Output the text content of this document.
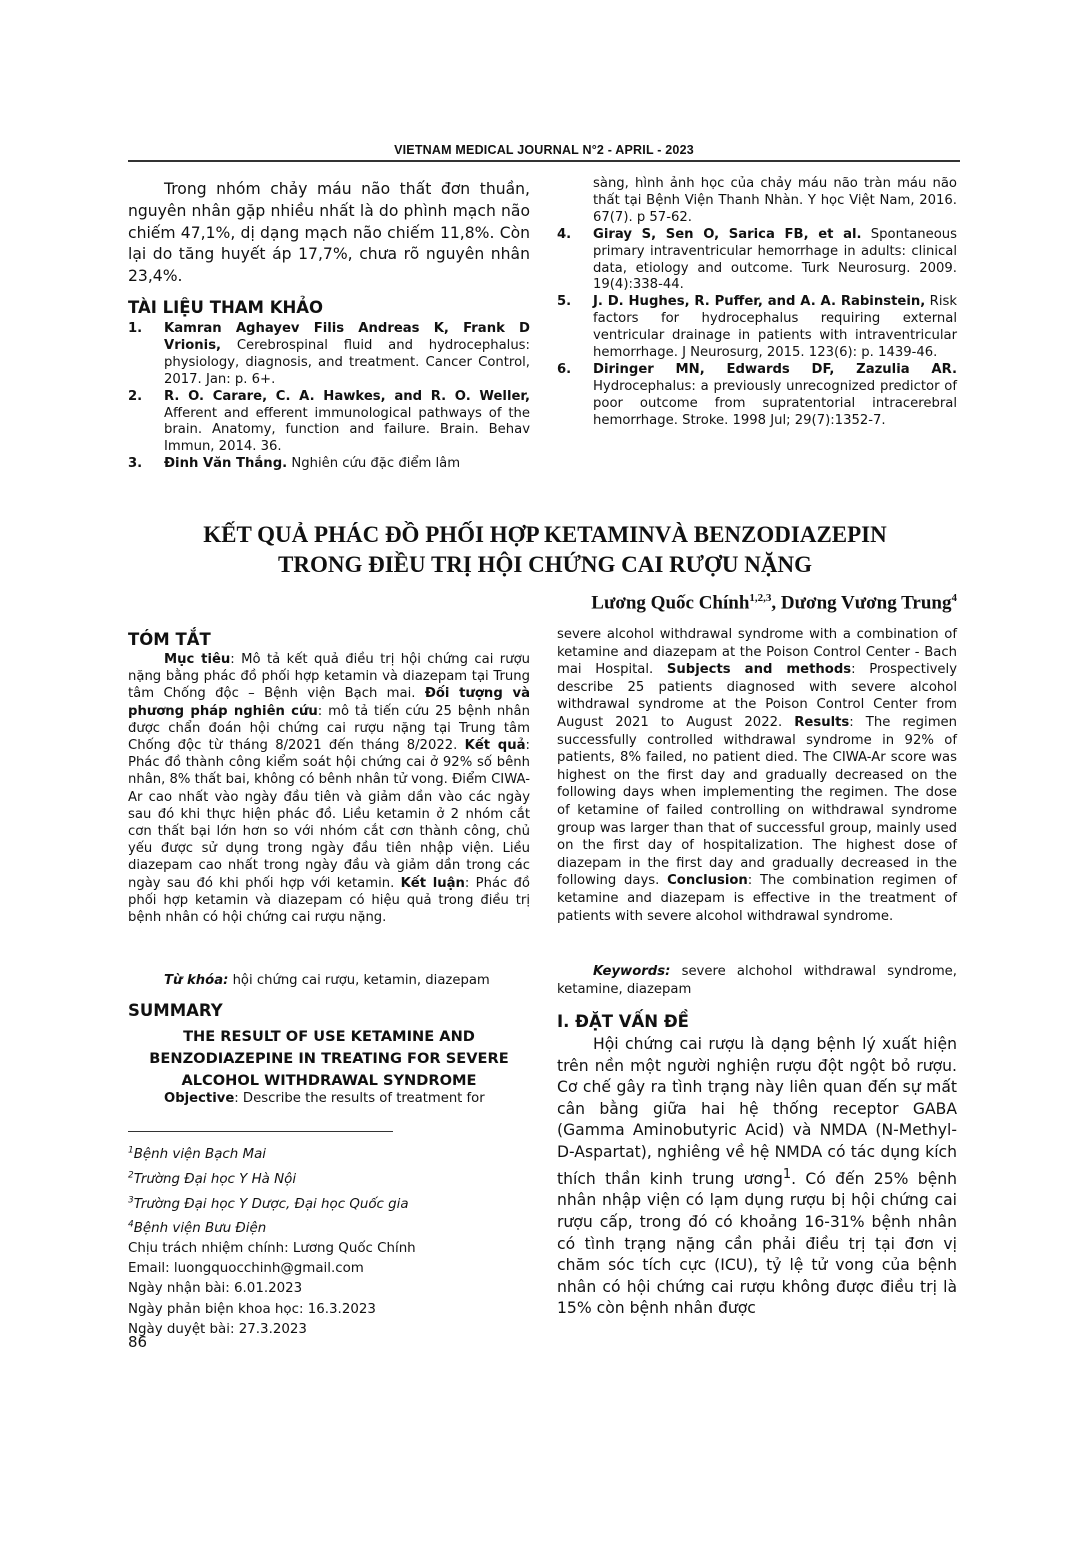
VIETNAM MEDICAL JOURNAL N°2 - APRIL - 2023
Trong nhóm chảy máu não thất đơn thuần, nguyên nhân gặp nhiều nhất là do phình mạch não chiếm 47,1%, dị dạng mạch não chiếm 11,8%. Còn lại do tăng huyết áp 17,7%, chưa rõ nguyên nhân 23,4%.
TÀI LIỆU THAM KHẢO
1.	Kamran Aghayev Filis Andreas K, Frank D Vrionis, Cerebrospinal fluid and hydrocephalus: physiology, diagnosis, and treatment. Cancer Control, 2017. Jan: p. 6+.
2.	R. O. Carare, C. A. Hawkes, and R. O. Weller, Afferent and efferent immunological pathways of the brain. Anatomy, function and failure. Brain. Behav Immun, 2014. 36.
3.	Đinh Văn Thắng. Nghiên cứu đặc điểm lâm
sàng, hình ảnh học của chảy máu não tràn máu não thất tại Bệnh Viện Thanh Nhàn. Y học Việt Nam, 2016. 67(7). p 57-62.
4.	Giray S, Sen O, Sarica FB, et al. Spontaneous primary intraventricular hemorrhage in adults: clinical data, etiology and outcome. Turk Neurosurg. 2009. 19(4):338-44.
5.	J. D. Hughes, R. Puffer, and A. A. Rabinstein, Risk factors for hydrocephalus requiring external ventricular drainage in patients with intraventricular hemorrhage. J Neurosurg, 2015. 123(6): p. 1439-46.
6.	Diringer MN, Edwards DF, Zazulia AR. Hydrocephalus: a previously unrecognized predictor of poor outcome from supratentorial intracerebral hemorrhage. Stroke. 1998 Jul; 29(7):1352-7.
KẾT QUẢ PHÁC ĐỒ PHỐI HỢP KETAMINVÀ BENZODIAZEPIN
TRONG ĐIỀU TRỊ HỘI CHỨNG CAI RƯỢU NẶNG
Lương Quốc Chính$^{1,2,3}$, Dương Vương Trung$^4$
TÓM TẮT
Mục tiêu: Mô tả kết quả điều trị hội chứng cai rượu nặng bằng phác đồ phối hợp ketamin và diazepam tại Trung tâm Chống độc – Bệnh viện Bạch mai. Đối tượng và phương pháp nghiên cứu: mô tả tiến cứu 25 bệnh nhân được chẩn đoán hội chứng cai rượu nặng tại Trung tâm Chống độc từ tháng 8/2021 đến tháng 8/2022. Kết quả: Phác đồ thành công kiểm soát hội chứng cai ở 92% số bênh nhân, 8% thất bai, không có bênh nhân tử vong. Điểm CIWA-Ar cao nhất vào ngày đầu tiên và giảm dần vào các ngày sau đó khi thực hiện phác đồ. Liều ketamin ở 2 nhóm cắt cơn thất bại lớn hơn so với nhóm cắt cơn thành công, chủ yếu được sử dụng trong ngày đầu tiên nhập viện. Liều diazepam cao nhất trong ngày đầu và giảm dần trong các ngày sau đó khi phối hợp với ketamin. Kết luận: Phác đồ phối hợp ketamin và diazepam có hiệu quả trong điều trị bệnh nhân có hội chứng cai rượu nặng.
Từ khóa: hội chứng cai rượu, ketamin, diazepam
SUMMARY
THE RESULT OF USE KETAMINE AND
BENZODIAZEPINE IN TREATING FOR SEVERE
ALCOHOL WITHDRAWAL SYNDROME
Objective: Describe the results of treatment for
$^1$Bệnh viện Bạch Mai
$^2$Trường Đại học Y Hà Nội
$^3$Trường Đại học Y Dược, Đại học Quốc gia
$^4$Bệnh viện Bưu Điện
Chịu trách nhiệm chính: Lương Quốc Chính
Email: luongquocchinh@gmail.com
Ngày nhận bài: 6.01.2023
Ngày phản biện khoa học: 16.3.2023
Ngày duyệt bài: 27.3.2023
86
severe alcohol withdrawal syndrome with a combination of ketamine and diazepam at the Poison Control Center - Bach mai Hospital. Subjects and methods: Prospectively describe 25 patients diagnosed with severe alcohol withdrawal syndrome at the Poison Control Center from August 2021 to August 2022. Results: The regimen successfully controlled withdrawal syndrome in 92% of patients, 8% failed, no patient died. The CIWA-Ar score was highest on the first day and gradually decreased on the following days when implementing the regimen. The dose of ketamine of failed controlling on withdrawal syndrome group was larger than that of successful group, mainly used on the first day of hospitalization. The highest dose of diazepam in the first day and gradually decreased in the following days. Conclusion: The combination regimen of ketamine and diazepam is effective in the treatment of patients with severe alcohol withdrawal syndrome.
Keywords: severe alchohol withdrawal syndrome, ketamine, diazepam
I. ĐẶT VẤN ĐỀ
Hội chứng cai rượu là dạng bệnh lý xuất hiện trên nền một người nghiện rượu đột ngột bỏ rượu. Cơ chế gây ra tình trạng này liên quan đến sự mất cân bằng giữa hai hệ thống receptor GABA (Gamma Aminobutyric Acid) và NMDA (N-Methyl-D-Aspartat), nghiêng về hệ NMDA có tác dụng kích thích thần kinh trung ương$^1$. Có đến 25% bệnh nhân nhập viện có lạm dụng rượu bị hội chứng cai rượu cấp, trong đó có khoảng 16-31% bệnh nhân có tình trạng nặng cần phải điều trị tại đơn vị chăm sóc tích cực (ICU), tỷ lệ tử vong của bệnh nhân có hội chứng cai rượu không được điều trị là 15% còn bệnh nhân được
